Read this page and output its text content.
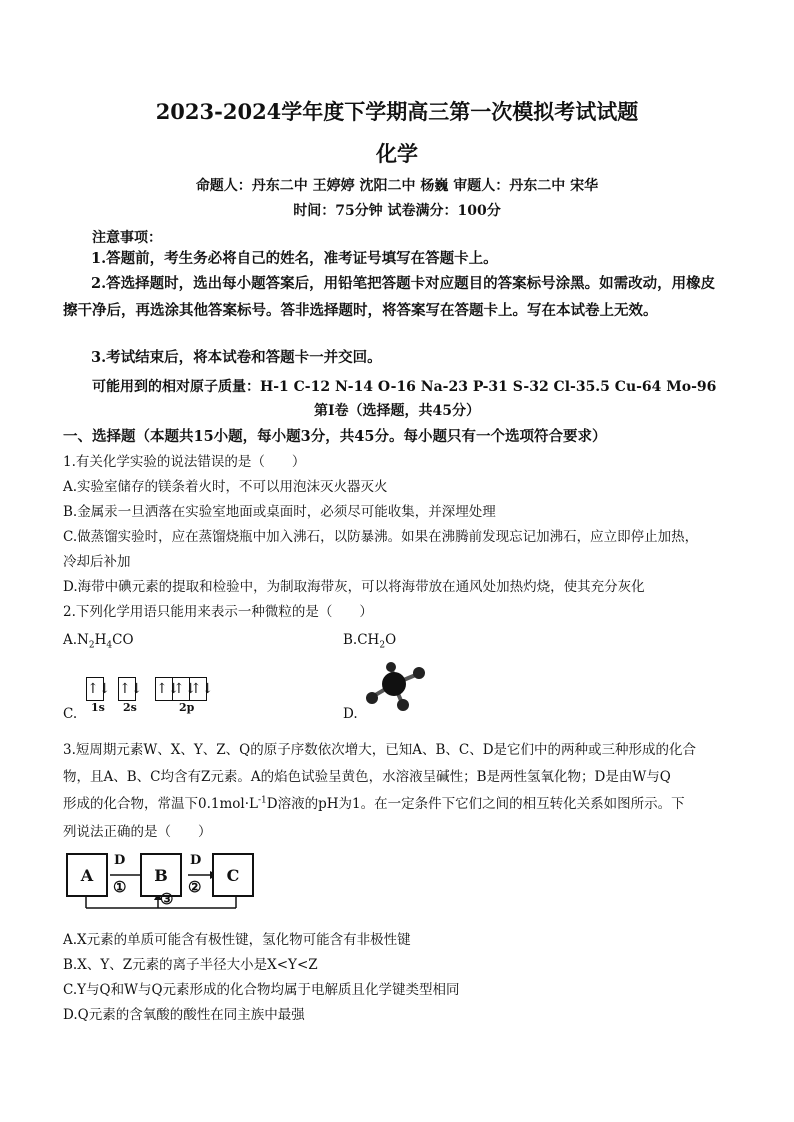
2023-2024学年度下学期高三第一次模拟考试试题
化学
命题人：丹东二中 王婷婷 沈阳二中 杨巍 审题人：丹东二中 宋华
时间：75分钟 试卷满分：100分
注意事项：
1.答题前，考生务必将自己的姓名，准考证号填写在答题卡上。
2.答选择题时，选出每小题答案后，用铅笔把答题卡对应题目的答案标号涂黑。如需改动，用橡皮擦干净后，再选涂其他答案标号。答非选择题时，将答案写在答题卡上。写在本试卷上无效。
3.考试结束后，将本试卷和答题卡一并交回。
可能用到的相对原子质量：H-1 C-12 N-14 O-16 Na-23 P-31 S-32 Cl-35.5 Cu-64 Mo-96
第Ⅰ卷（选择题，共45分）
一、选择题（本题共15小题，每小题3分，共45分。每小题只有一个选项符合要求）
1.有关化学实验的说法错误的是（　　）
A.实验室储存的镁条着火时，不可以用泡沫灭火器灭火
B.金属汞一旦洒落在实验室地面或桌面时，必须尽可能收集，并深埋处理
C.做蒸馏实验时，应在蒸馏烧瓶中加入沸石，以防暴沸。如果在沸腾前发现忘记加沸石，应立即停止加热，
冷却后补加
D.海带中碘元素的提取和检验中，为制取海带灰，可以将海带放在通风处加热灼烧，使其充分灰化
2.下列化学用语只能用来表示一种微粒的是（　　）
$A.N_2H_4CO$	$B.CH_2O$
↑↓ ↑↓ ↑↓
↑↓
↑↓
1s 2s	2p
C.	D.
3.短周期元素W、X、Y、Z、Q的原子序数依次增大，已知A、B、C、D是它们中的两种或三种形成的化合
物，且A、B、C均含有Z元素。A的焰色试验呈黄色，水溶液呈碱性；B是两性氢氧化物；D是由W与Q
形成的化合物，常温下$0.1mol\cdot L^{-1}D$溶液的pH为1。在一定条件下它们之间的相互转化关系如图所示。下
列说法正确的是（　　）
A	B	C
D
①
D
②
③
A.X元素的单质可能含有极性键，氢化物可能含有非极性键
B.X、Y、Z元素的离子半径大小是X<Y<Z
C.Y与Q和W与Q元素形成的化合物均属于电解质且化学键类型相同
D.Q元素的含氧酸的酸性在同主族中最强
